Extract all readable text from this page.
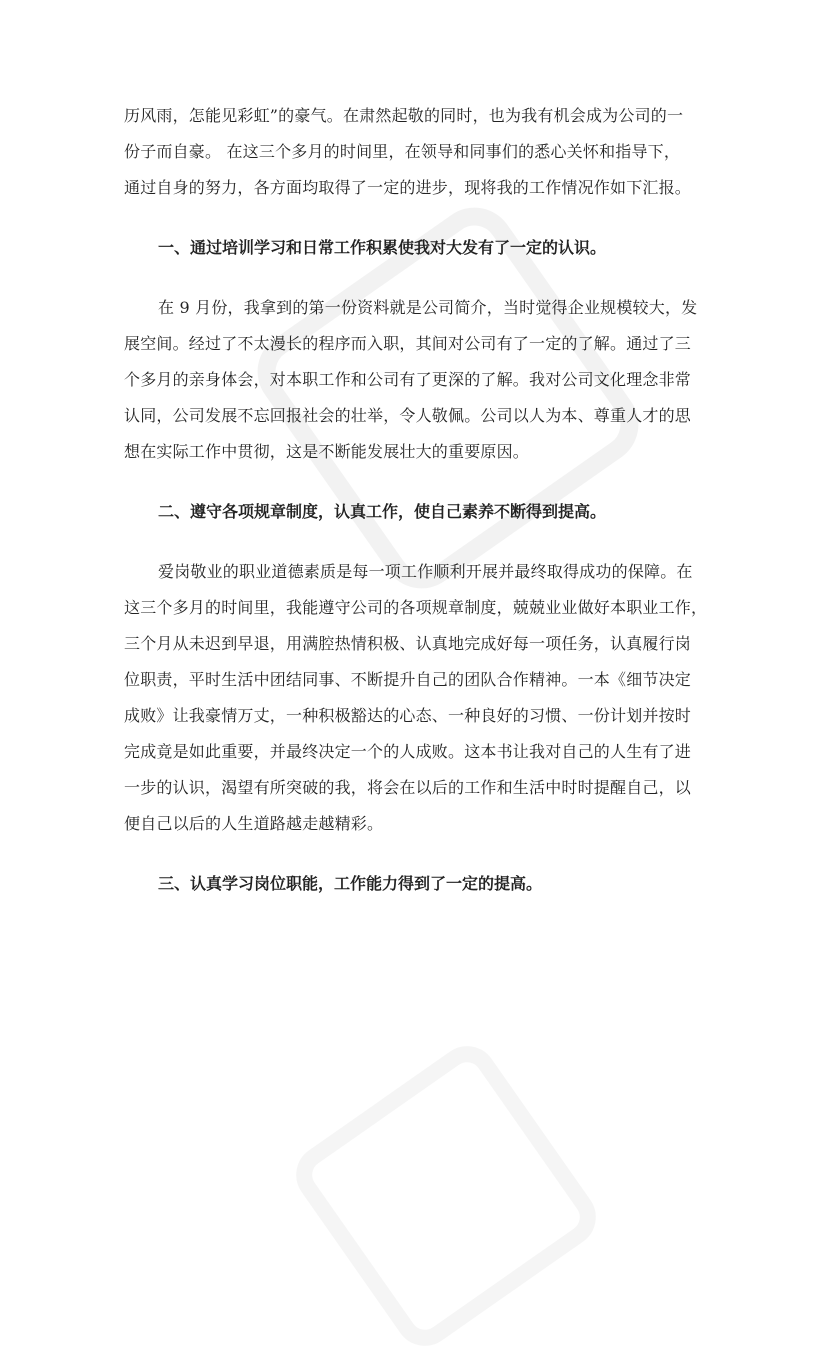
历风雨，怎能见彩虹”的豪气。在肃然起敬的同时，也为我有机会成为公司的一
份子而自豪。 在这三个多月的时间里，在领导和同事们的悉心关怀和指导下，
通过自身的努力，各方面均取得了一定的进步，现将我的工作情况作如下汇报。
一、通过培训学习和日常工作积累使我对大发有了一定的认识。
在 9 月份，我拿到的第一份资料就是公司简介，当时觉得企业规模较大，发
展空间。经过了不太漫长的程序而入职，其间对公司有了一定的了解。通过了三
个多月的亲身体会，对本职工作和公司有了更深的了解。我对公司文化理念非常
认同，公司发展不忘回报社会的壮举，令人敬佩。公司以人为本、尊重人才的思
想在实际工作中贯彻，这是不断能发展壮大的重要原因。
二、遵守各项规章制度，认真工作，使自己素养不断得到提高。
爱岗敬业的职业道德素质是每一项工作顺利开展并最终取得成功的保障。在
这三个多月的时间里，我能遵守公司的各项规章制度，兢兢业业做好本职业工作，
三个月从未迟到早退，用满腔热情积极、认真地完成好每一项任务，认真履行岗
位职责，平时生活中团结同事、不断提升自己的团队合作精神。一本《细节决定
成败》让我豪情万丈，一种积极豁达的心态、一种良好的习惯、一份计划并按时
完成竟是如此重要，并最终决定一个的人成败。这本书让我对自己的人生有了进
一步的认识，渴望有所突破的我，将会在以后的工作和生活中时时提醒自己，以
便自己以后的人生道路越走越精彩。
三、认真学习岗位职能，工作能力得到了一定的提高。
